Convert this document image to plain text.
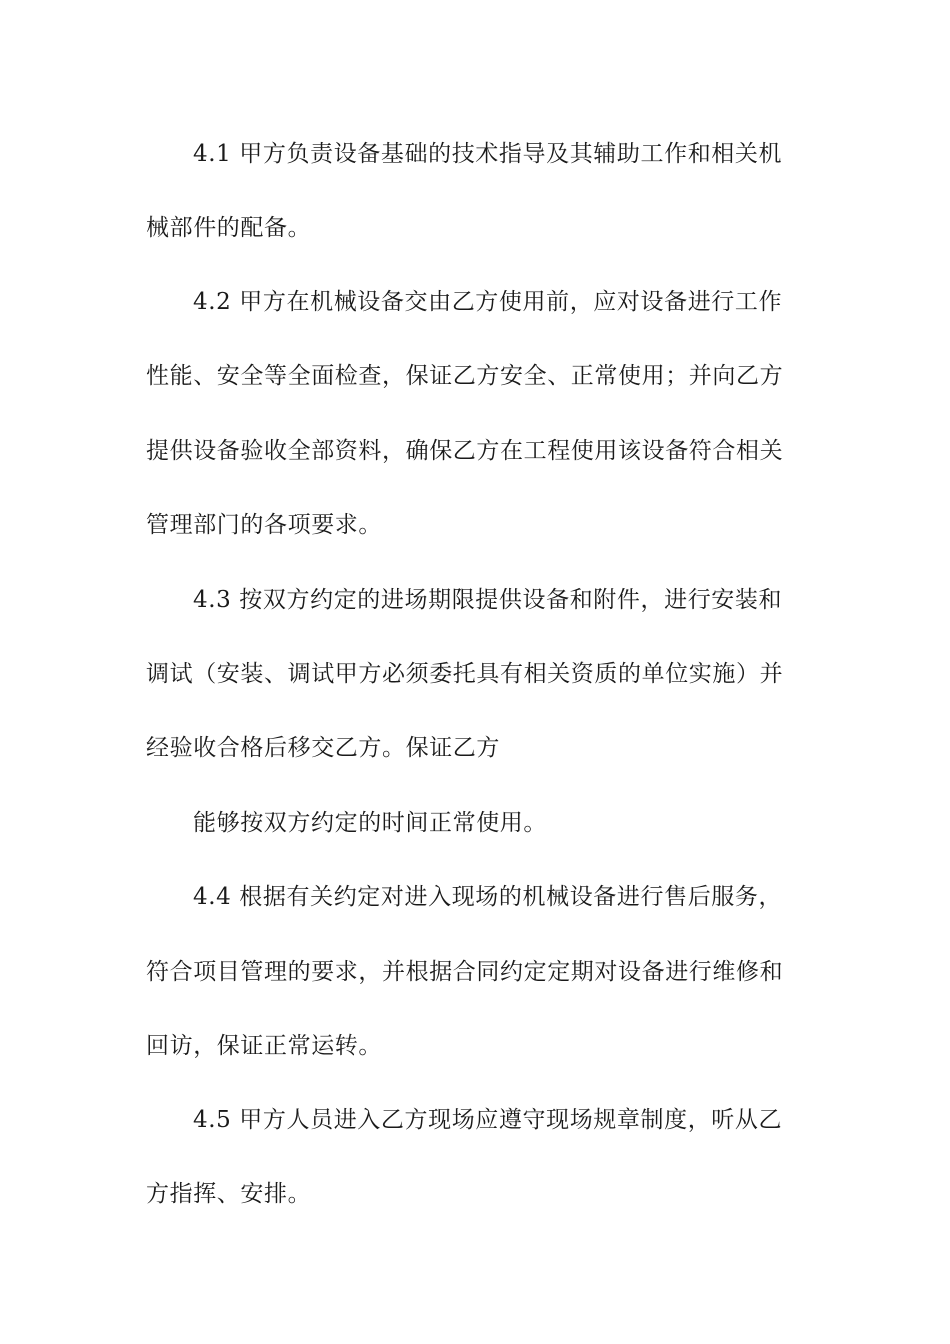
4.1 甲方负责设备基础的技术指导及其辅助工作和相关机
械部件的配备。
4.2 甲方在机械设备交由乙方使用前，应对设备进行工作
性能、安全等全面检查，保证乙方安全、正常使用；并向乙方
提供设备验收全部资料，确保乙方在工程使用该设备符合相关
管理部门的各项要求。
4.3 按双方约定的进场期限提供设备和附件，进行安装和
调试（安装、调试甲方必须委托具有相关资质的单位实施）并
经验收合格后移交乙方。保证乙方
能够按双方约定的时间正常使用。
4.4 根据有关约定对进入现场的机械设备进行售后服务，
符合项目管理的要求，并根据合同约定定期对设备进行维修和
回访，保证正常运转。
4.5 甲方人员进入乙方现场应遵守现场规章制度，听从乙
方指挥、安排。
